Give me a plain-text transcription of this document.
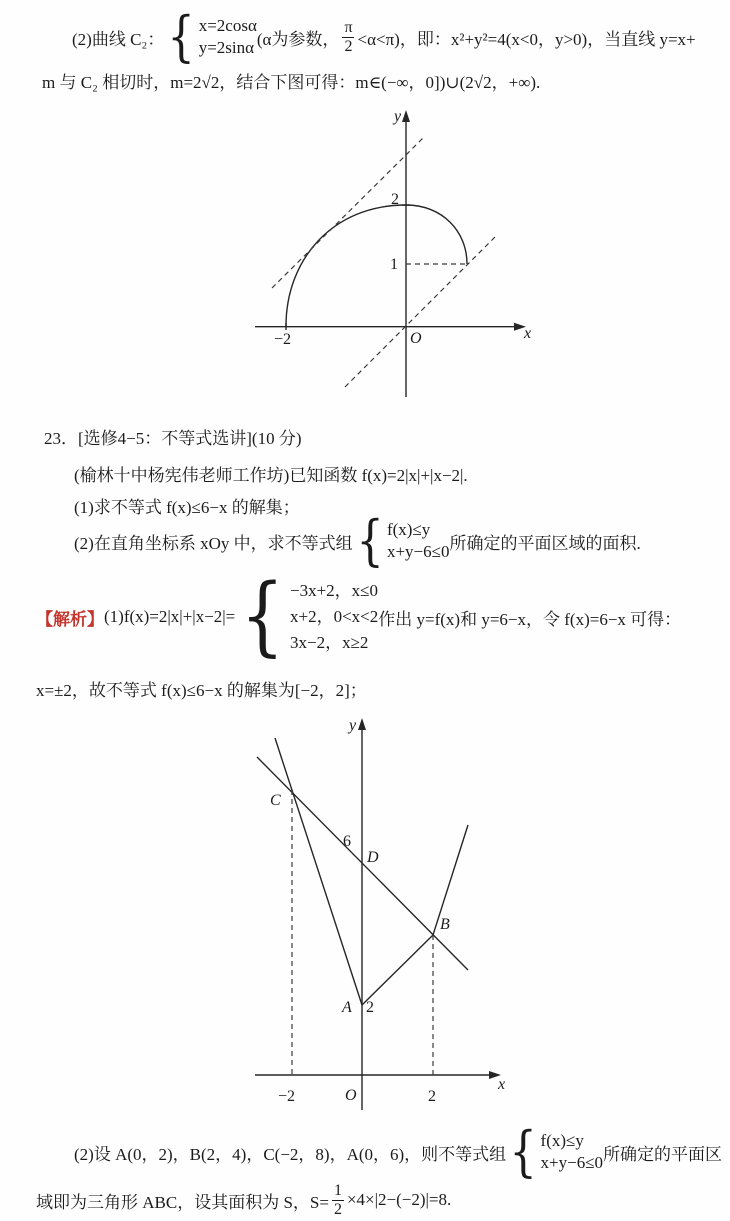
(2)曲线 C₂： { x=2cosα
y=2sinα (α为参数， $\frac{\pi}{2} <\alpha<\pi$)，即： x²+y²=4(x<0，y>0)， 当直线 y=x+
m 与 C₂ 相切时，m=2√2，结合下图可得：m∈(−∞，0])∪(2√2，+∞).
y
x
O
−2
2
1
23．[选修4−5：不等式选讲](10 分)
(榆林十中杨宪伟老师工作坊)已知函数 f(x)=2|x|+|x−2|.
(1)求不等式 f(x)≤6−x 的解集；
(2)在直角坐标系 xOy 中，求不等式组 { f(x)≤y
x+y−6≤0 所确定的平面区域的面积.
【解析】 (1)f(x)=2|x|+|x−2|= { −3x+2，x≤0
x+2，0<x<2
3x−2，x≥2
作出 y=f(x)和 y=6−x，令 f(x)=6−x 可得：
x=±2，故不等式 f(x)≤6−x 的解集为[−2，2]；
y
x
O
−2	2
A 2
6
D
B
C
(2)设 A(0，2)，B(2，4)，C(−2，8)，A(0，6)，则不等式组 { f(x)≤y
x+y−6≤0 所确定的平面区
域即为三角形 ABC，设其面积为 S，$S= \frac{1}{2} \times 4\times|2-(-2)|=8$.
